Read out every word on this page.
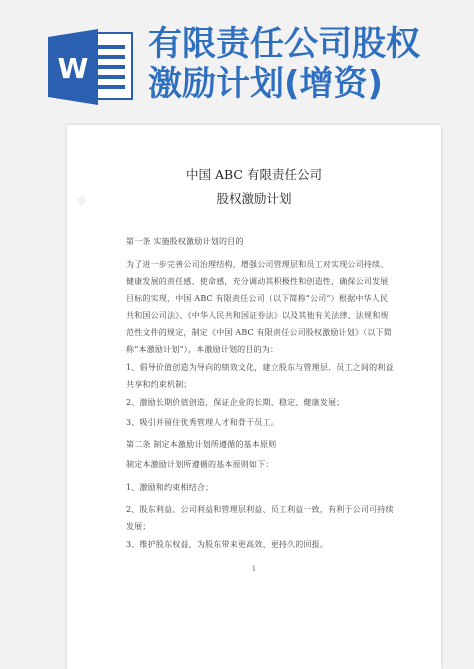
W
有限责任公司股权
激励计划(增资)
▦
中国 ABC 有限责任公司
股权激励计划
第一条 实施股权激励计划的目的
为了进一步完善公司治理结构，增强公司管理层和员工对实现公司持续、健康发展的责任感、使命感，充分调动其积极性和创造性，确保公司发展目标的实现，中国 ABC 有限责任公司（以下简称“公司”）根据中华人民共和国公司法》、《中华人民共和国证券法》以及其他有关法律、法规和规范性文件的规定，制定《中国 ABC 有限责任公司股权激励计划》（以下简称“本激励计划”），本激励计划的目的为：
1、倡导价值创造为导向的绩效文化，建立股东与管理层、员工之间的利益共享和约束机制；
2、激励长期价值创造，保证企业的长期、稳定、健康发展；
3、吸引并留住优秀管理人才和骨干员工。
第二条 制定本激励计划所遵循的基本原则
制定本激励计划所遵循的基本原则如下：
1、激励和约束相结合；
2、股东利益、公司利益和管理层利益、员工利益一致，有利于公司可持续发展；
3、维护股东权益，为股东带来更高效、更持久的回报。
1
